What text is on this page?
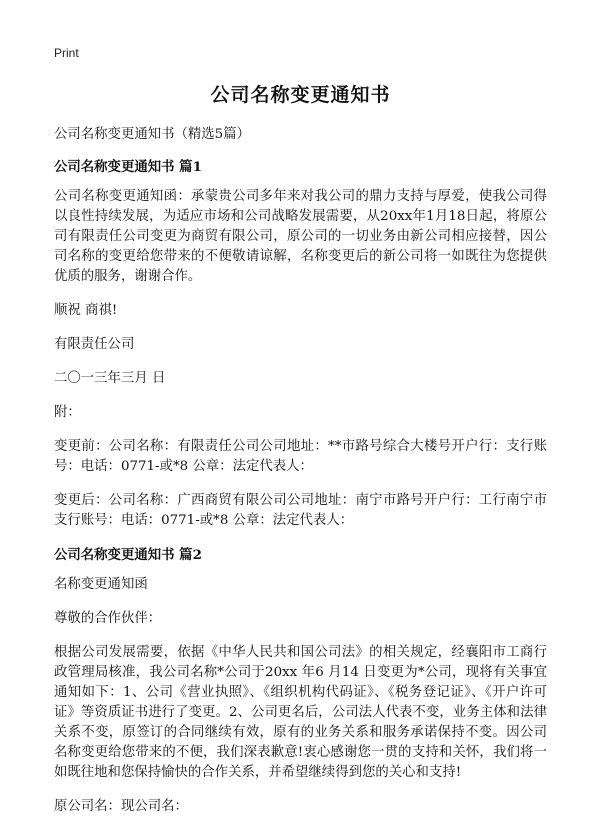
Print
公司名称变更通知书

公司名称变更通知书（精选5篇）

公司名称变更通知书 篇1

公司名称变更通知函：承蒙贵公司多年来对我公司的鼎力支持与厚爱，使我公司得以良性持续发展，为适应市场和公司战略发展需要，从20xx年1月18日起，将原公司有限责任公司变更为商贸有限公司，原公司的一切业务由新公司相应接替，因公司名称的变更给您带来的不便敬请谅解，名称变更后的新公司将一如既往为您提供优质的服务，谢谢合作。

顺祝 商祺!

有限责任公司

二〇一三年三月 日

附：

变更前：公司名称：有限责任公司公司地址：**市路号综合大楼号开户行：支行账号：电话：0771-或*8 公章：法定代表人：

变更后：公司名称：广西商贸有限公司公司地址：南宁市路号开户行：工行南宁市支行账号：电话：0771-或*8 公章：法定代表人：

公司名称变更通知书 篇2

名称变更通知函

尊敬的合作伙伴：

根据公司发展需要，依据《中华人民共和国公司法》的相关规定，经襄阳市工商行政管理局核准，我公司名称*公司于20xx 年6 月14 日变更为*公司，现将有关事宜通知如下：1、公司《营业执照》、《组织机构代码证》、《税务登记证》、《开户许可证》等资质证书进行了变更。2、公司更名后，公司法人代表不变，业务主体和法律关系不变，原签订的合同继续有效，原有的业务关系和服务承诺保持不变。因公司名称变更给您带来的不便，我们深表歉意!衷心感谢您一贯的支持和关怀，我们将一如既往地和您保持愉快的合作关系，并希望继续得到您的关心和支持!

原公司名：现公司名：
